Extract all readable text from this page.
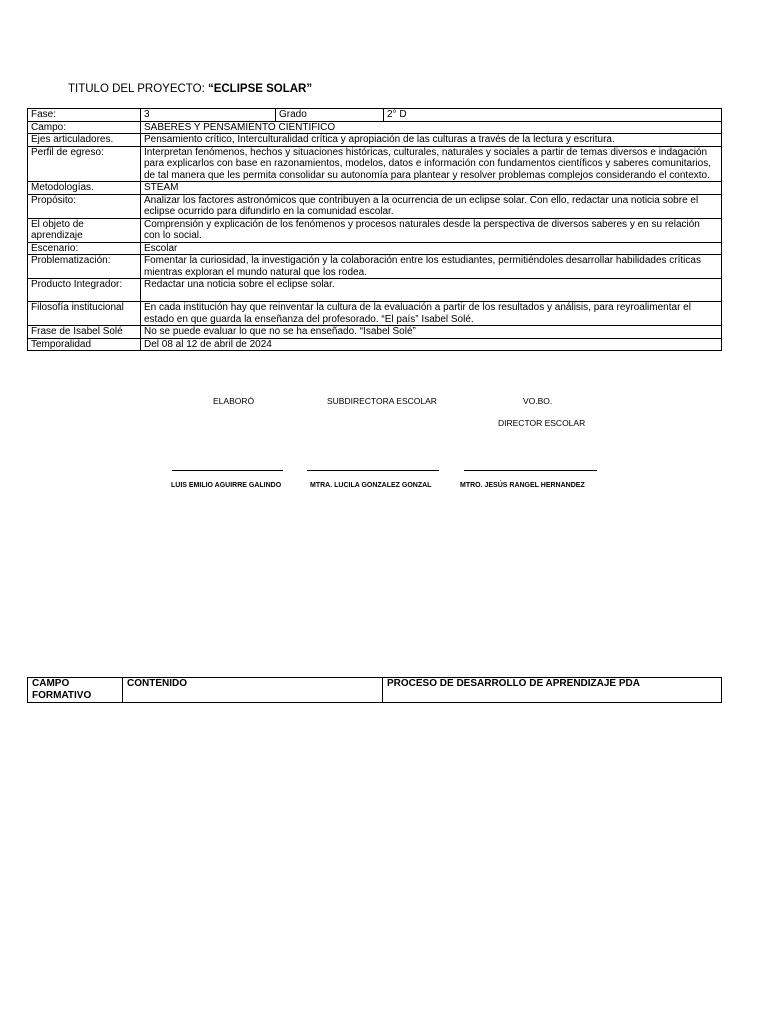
TITULO DEL PROYECTO: “ECLIPSE SOLAR”
Fase:	3	Grado	2° D
Campo:	SABERES Y PENSAMIENTO CIENTIFICO		
Ejes articuladores.	Pensamiento crítico, Interculturalidad crítica y apropiación de las culturas a través de la lectura y escritura.		
Perfil de egreso:	Interpretan fenómenos, hechos y situaciones históricas, culturales, naturales y sociales a partir de temas diversos e indagación para explicarlos con base en razonamientos, modelos, datos e información con fundamentos científicos y saberes comunitarios, de tal manera que les permita consolidar su autonomía para plantear y resolver problemas complejos considerando el contexto.		
Metodologías.	STEAM		
Propósito:	Analizar los factores astronómicos que contribuyen a la ocurrencia de un eclipse solar. Con ello, redactar una noticia sobre el eclipse ocurrido para difundirlo en la comunidad escolar.		
El objeto de aprendizaje	Comprensión y explicación de los fenómenos y procesos naturales desde la perspectiva de diversos saberes y en su relación con lo social.		
Escenario:	Escolar		
Problematización:	Fomentar la curiosidad, la investigación y la colaboración entre los estudiantes, permitiéndoles desarrollar habilidades críticas mientras exploran el mundo natural que los rodea.		
Producto Integrador:	Redactar una noticia sobre el eclipse solar.		
Filosofía institucional	En cada institución hay que reinventar la cultura de la evaluación a partir de los resultados y análisis, para reyroalimentar el estado en que guarda la enseñanza del profesorado. “El país” Isabel Solé.		
Frase de Isabel Solé	No se puede evaluar lo que no se ha enseñado. “Isabel Solé”		
Temporalidad	Del 08 al 12 de abril de 2024		
ELABORÓ	SUBDIRECTORA ESCOLAR	VO.BO.
DIRECTOR ESCOLAR
LUIS EMILIO AGUIRRE GALINDO	MTRA. LUCILA GONZALEZ GONZAL	MTRO. JESÚS RANGEL HERNANDEZ
CAMPO FORMATIVO	CONTENIDO	PROCESO DE DESARROLLO DE APRENDIZAJE PDA
